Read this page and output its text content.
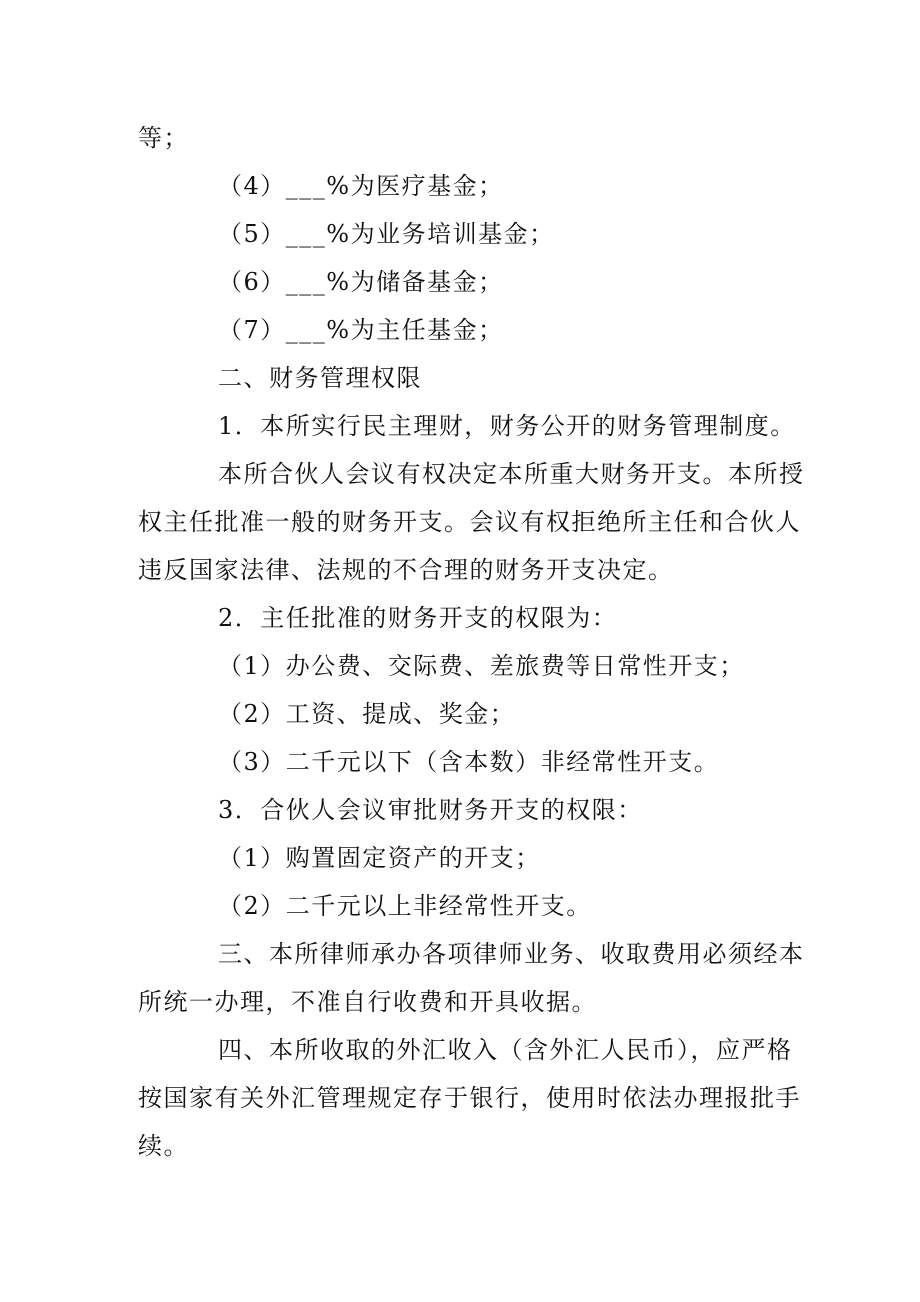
等；
（4）___%为医疗基金；
（5）___%为业务培训基金；
（6）___%为储备基金；
（7）___%为主任基金；
二、财务管理权限
1．本所实行民主理财，财务公开的财务管理制度。
本所合伙人会议有权决定本所重大财务开支。本所授
权主任批准一般的财务开支。会议有权拒绝所主任和合伙人
违反国家法律、法规的不合理的财务开支决定。
2．主任批准的财务开支的权限为：
（1）办公费、交际费、差旅费等日常性开支；
（2）工资、提成、奖金；
（3）二千元以下（含本数）非经常性开支。
3．合伙人会议审批财务开支的权限：
（1）购置固定资产的开支；
（2）二千元以上非经常性开支。
三、本所律师承办各项律师业务、收取费用必须经本
所统一办理，不准自行收费和开具收据。
四、本所收取的外汇收入（含外汇人民币），应严格
按国家有关外汇管理规定存于银行，使用时依法办理报批手
续。
